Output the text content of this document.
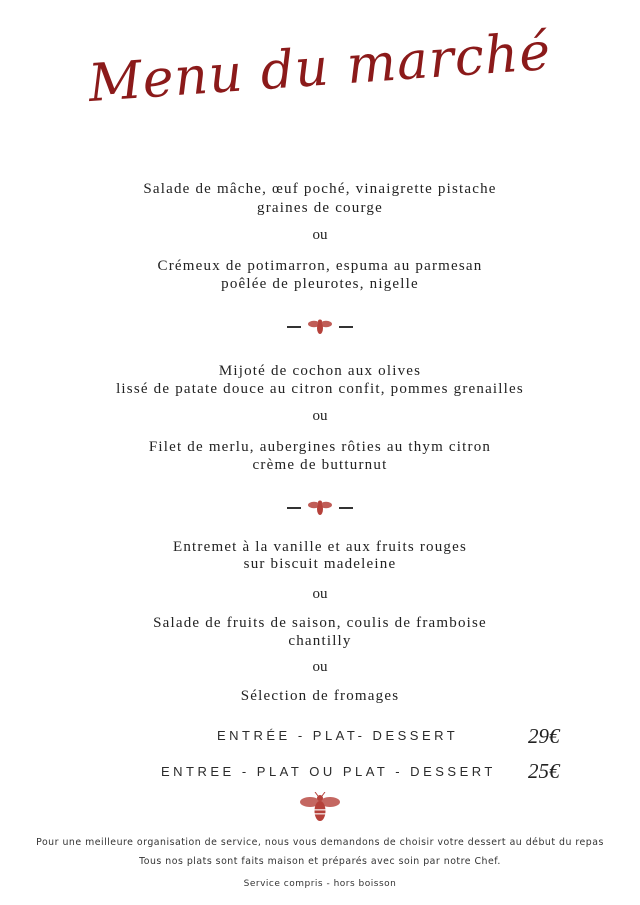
Menu du marché
Salade de mâche, œuf poché, vinaigrette pistache
graines de courge
ou
Crémeux de potimarron, espuma au parmesan
poêlée de pleurotes, nigelle
Mijoté de cochon aux olives
lissé de patate douce au citron confit, pommes grenailles
ou
Filet de merlu, aubergines rôties au thym citron
crème de butturnut
Entremet à la vanille et aux fruits rouges
sur biscuit madeleine
ou
Salade de fruits de saison, coulis de framboise
chantilly
ou
Sélection de fromages
ENTRÉE - PLAT- DESSERT	29€
ENTREE - PLAT OU PLAT - DESSERT 25€
Pour une meilleure organisation de service, nous vous demandons de choisir votre dessert au début du repas
Tous nos plats sont faits maison et préparés avec soin par notre Chef.
Service compris - hors boisson
